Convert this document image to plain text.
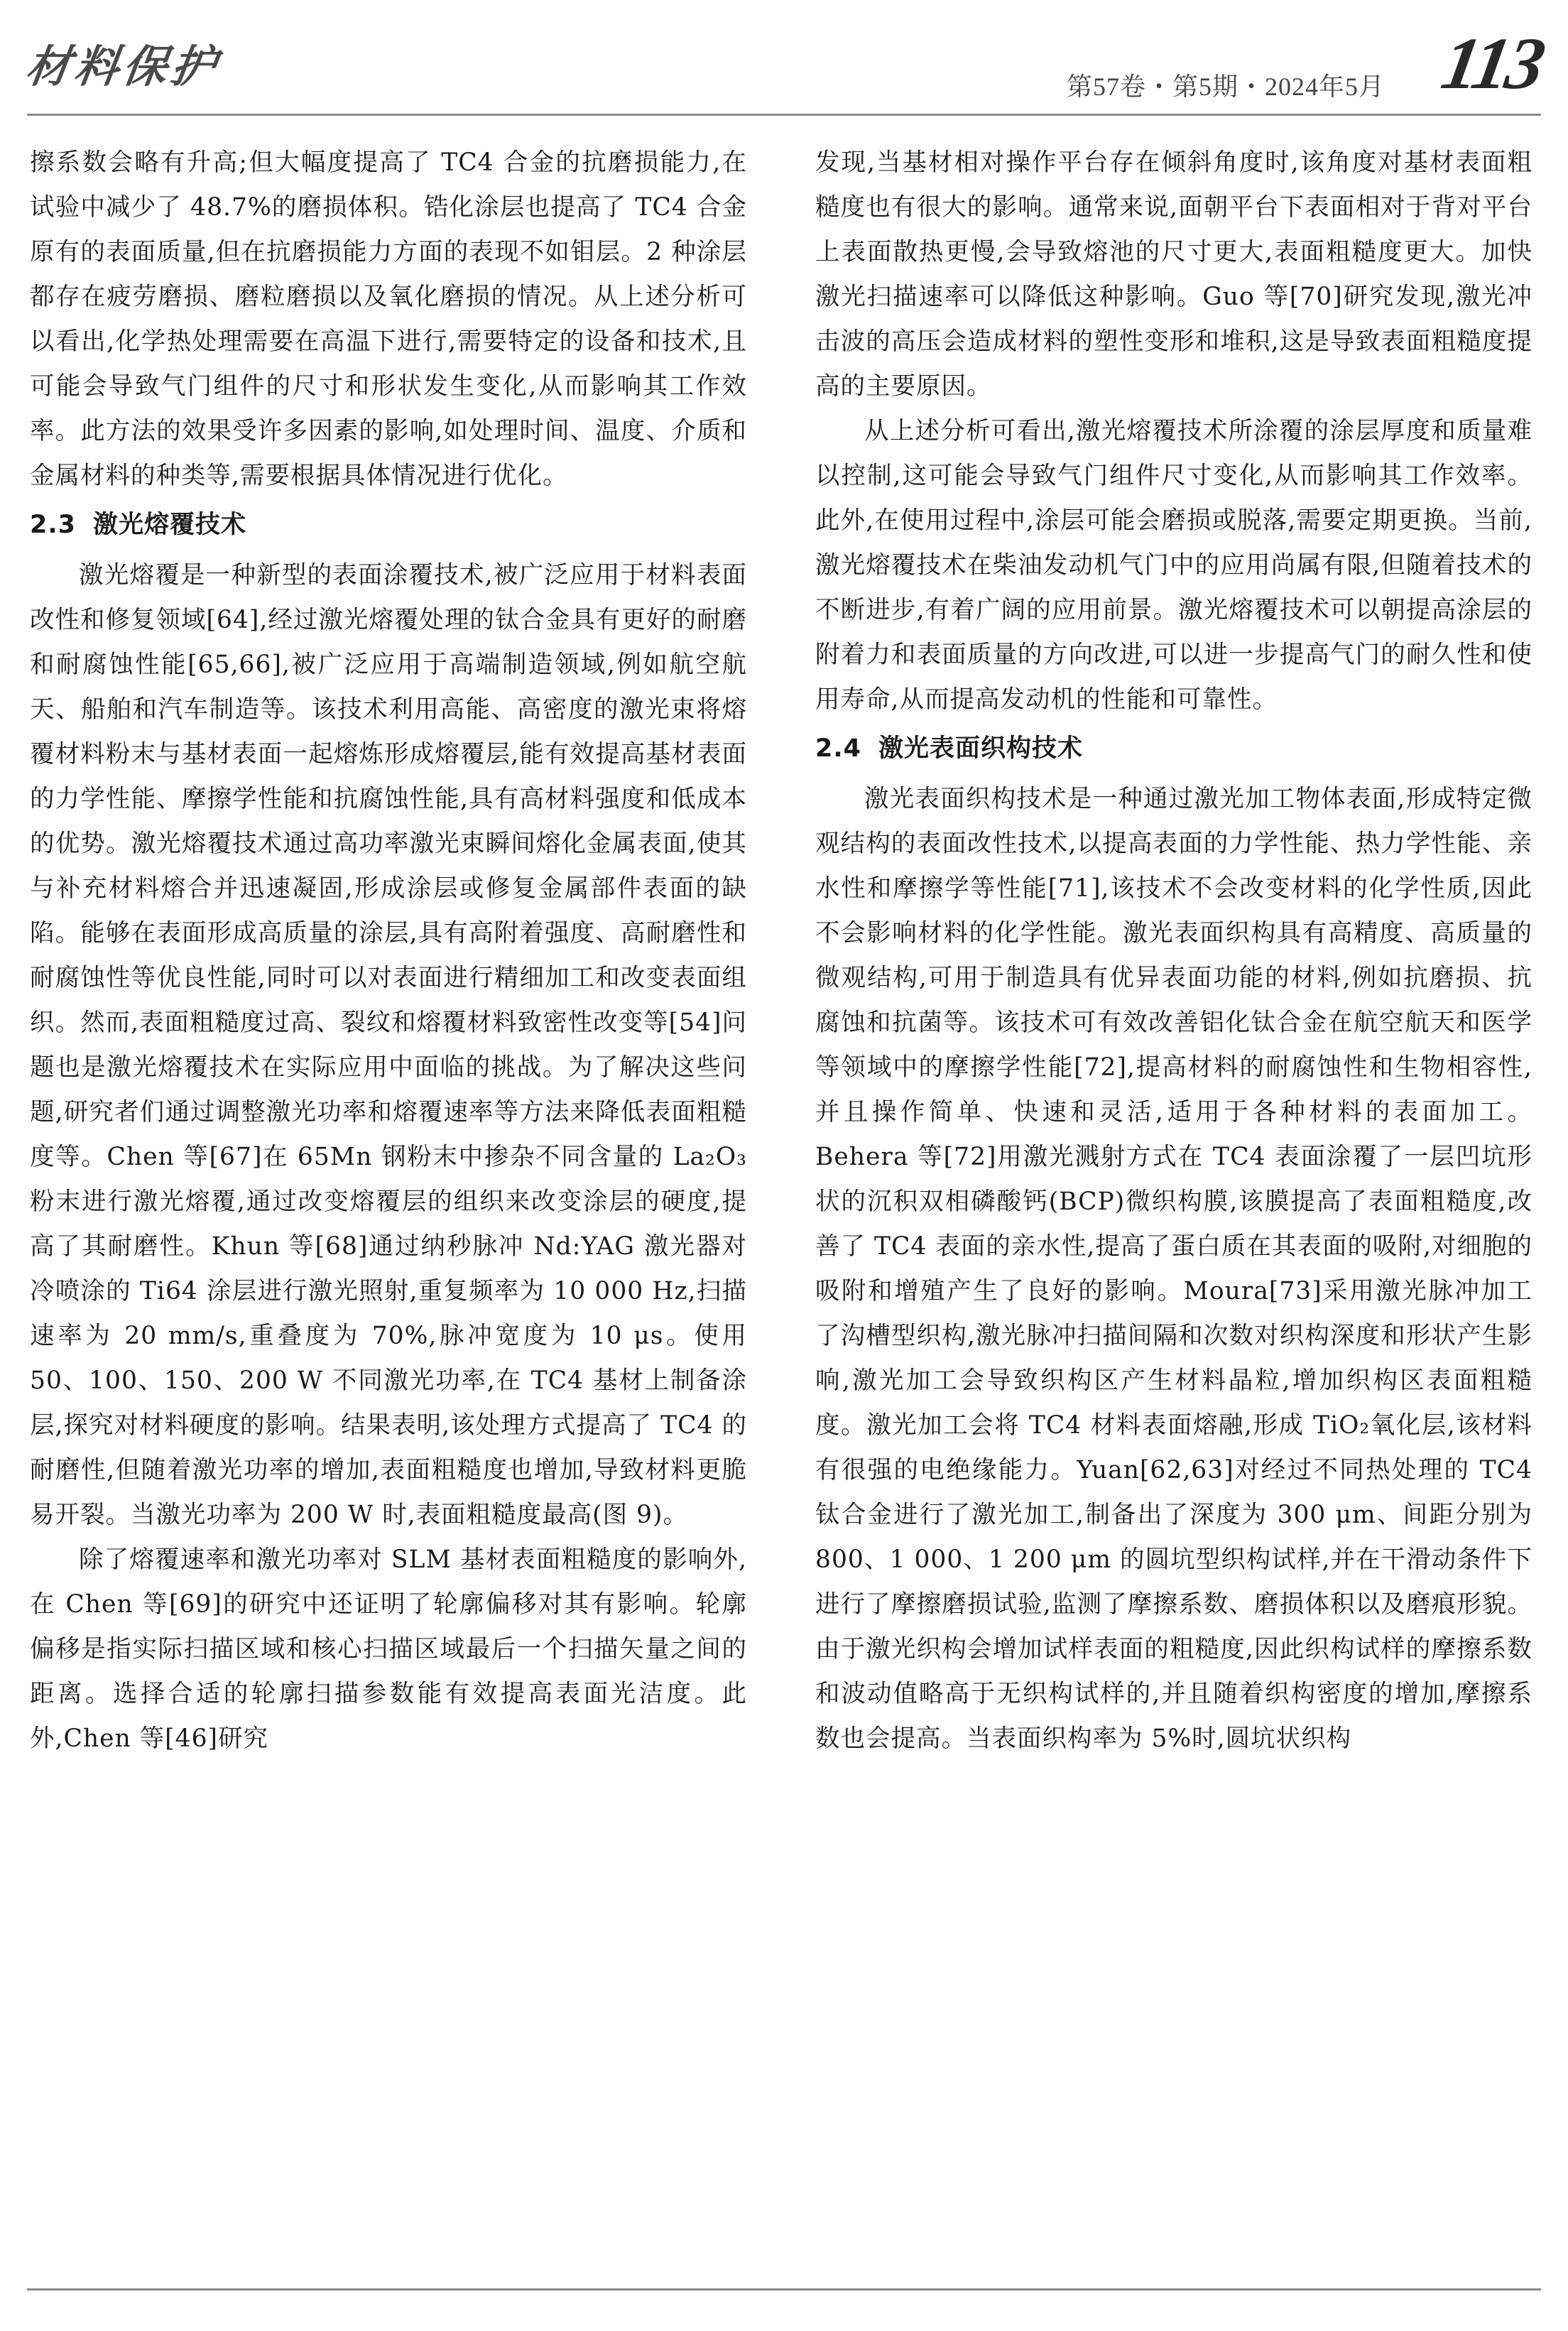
材料保护	第57卷・第5期・2024年5月 113

擦系数会略有升高;但大幅度提高了 TC4 合金的抗磨损能力,在试验中减少了 48.7%的磨损体积。锆化涂层也提高了 TC4 合金原有的表面质量,但在抗磨损能力方面的表现不如钼层。2 种涂层都存在疲劳磨损、磨粒磨损以及氧化磨损的情况。从上述分析可以看出,化学热处理需要在高温下进行,需要特定的设备和技术,且可能会导致气门组件的尺寸和形状发生变化,从而影响其工作效率。此方法的效果受许多因素的影响,如处理时间、温度、介质和金属材料的种类等,需要根据具体情况进行优化。

2.3 激光熔覆技术

激光熔覆是一种新型的表面涂覆技术,被广泛应用于材料表面改性和修复领域[64],经过激光熔覆处理的钛合金具有更好的耐磨和耐腐蚀性能[65,66],被广泛应用于高端制造领域,例如航空航天、船舶和汽车制造等。该技术利用高能、高密度的激光束将熔覆材料粉末与基材表面一起熔炼形成熔覆层,能有效提高基材表面的力学性能、摩擦学性能和抗腐蚀性能,具有高材料强度和低成本的优势。激光熔覆技术通过高功率激光束瞬间熔化金属表面,使其与补充材料熔合并迅速凝固,形成涂层或修复金属部件表面的缺陷。能够在表面形成高质量的涂层,具有高附着强度、高耐磨性和耐腐蚀性等优良性能,同时可以对表面进行精细加工和改变表面组织。然而,表面粗糙度过高、裂纹和熔覆材料致密性改变等[54]问题也是激光熔覆技术在实际应用中面临的挑战。为了解决这些问题,研究者们通过调整激光功率和熔覆速率等方法来降低表面粗糙度等。Chen 等[67]在 65Mn 钢粉末中掺杂不同含量的 La₂O₃粉末进行激光熔覆,通过改变熔覆层的组织来改变涂层的硬度,提高了其耐磨性。Khun 等[68]通过纳秒脉冲 Nd:YAG 激光器对冷喷涂的 Ti64 涂层进行激光照射,重复频率为 10 000 Hz,扫描速率为 20 mm/s,重叠度为 70%,脉冲宽度为 10 μs。使用 50、100、150、200 W 不同激光功率,在 TC4 基材上制备涂层,探究对材料硬度的影响。结果表明,该处理方式提高了 TC4 的耐磨性,但随着激光功率的增加,表面粗糙度也增加,导致材料更脆易开裂。当激光功率为 200 W 时,表面粗糙度最高(图 9)。

除了熔覆速率和激光功率对 SLM 基材表面粗糙度的影响外,在 Chen 等[69]的研究中还证明了轮廓偏移对其有影响。轮廓偏移是指实际扫描区域和核心扫描区域最后一个扫描矢量之间的距离。选择合适的轮廓扫描参数能有效提高表面光洁度。此外,Chen 等[46]研究

发现,当基材相对操作平台存在倾斜角度时,该角度对基材表面粗糙度也有很大的影响。通常来说,面朝平台下表面相对于背对平台上表面散热更慢,会导致熔池的尺寸更大,表面粗糙度更大。加快激光扫描速率可以降低这种影响。Guo 等[70]研究发现,激光冲击波的高压会造成材料的塑性变形和堆积,这是导致表面粗糙度提高的主要原因。

从上述分析可看出,激光熔覆技术所涂覆的涂层厚度和质量难以控制,这可能会导致气门组件尺寸变化,从而影响其工作效率。此外,在使用过程中,涂层可能会磨损或脱落,需要定期更换。当前,激光熔覆技术在柴油发动机气门中的应用尚属有限,但随着技术的不断进步,有着广阔的应用前景。激光熔覆技术可以朝提高涂层的附着力和表面质量的方向改进,可以进一步提高气门的耐久性和使用寿命,从而提高发动机的性能和可靠性。

2.4 激光表面织构技术

激光表面织构技术是一种通过激光加工物体表面,形成特定微观结构的表面改性技术,以提高表面的力学性能、热力学性能、亲水性和摩擦学等性能[71],该技术不会改变材料的化学性质,因此不会影响材料的化学性能。激光表面织构具有高精度、高质量的微观结构,可用于制造具有优异表面功能的材料,例如抗磨损、抗腐蚀和抗菌等。该技术可有效改善铝化钛合金在航空航天和医学等领域中的摩擦学性能[72],提高材料的耐腐蚀性和生物相容性,并且操作简单、快速和灵活,适用于各种材料的表面加工。Behera 等[72]用激光溅射方式在 TC4 表面涂覆了一层凹坑形状的沉积双相磷酸钙(BCP)微织构膜,该膜提高了表面粗糙度,改善了 TC4 表面的亲水性,提高了蛋白质在其表面的吸附,对细胞的吸附和增殖产生了良好的影响。Moura[73]采用激光脉冲加工了沟槽型织构,激光脉冲扫描间隔和次数对织构深度和形状产生影响,激光加工会导致织构区产生材料晶粒,增加织构区表面粗糙度。激光加工会将 TC4 材料表面熔融,形成 TiO₂氧化层,该材料有很强的电绝缘能力。Yuan[62,63]对经过不同热处理的 TC4 钛合金进行了激光加工,制备出了深度为 300 μm、间距分别为 800、1 000、1 200 μm 的圆坑型织构试样,并在干滑动条件下进行了摩擦磨损试验,监测了摩擦系数、磨损体积以及磨痕形貌。由于激光织构会增加试样表面的粗糙度,因此织构试样的摩擦系数和波动值略高于无织构试样的,并且随着织构密度的增加,摩擦系数也会提高。当表面织构率为 5%时,圆坑状织构
